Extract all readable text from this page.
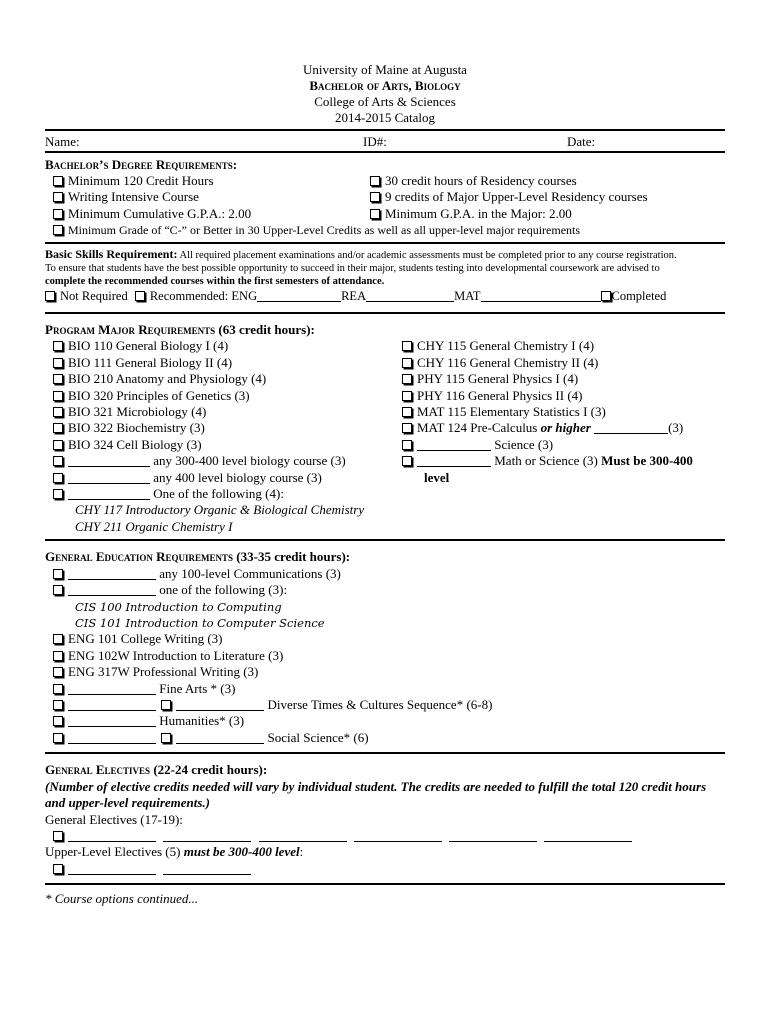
University of Maine at Augusta
Bachelor of Arts, Biology
College of Arts & Sciences
2014-2015 Catalog
Name:	ID#:	Date:
Bachelor’s Degree Requirements:
Minimum 120 Credit Hours
Writing Intensive Course
Minimum Cumulative G.P.A.: 2.00
30 credit hours of Residency courses
9 credits of Major Upper-Level Residency courses
Minimum G.P.A. in the Major: 2.00
Minimum Grade of “C-” or Better in 30 Upper-Level Credits as well as all upper-level major requirements
Basic Skills Requirement: All required placement examinations and/or academic assessments must be completed prior to any course registration.
To ensure that students have the best possible opportunity to succeed in their major, students testing into developmental coursework are advised to
complete the recommended courses within the first semesters of attendance.
Not Required Recommended: ENG	REA	MAT	Completed
Program Major Requirements (63 credit hours):
BIO 110 General Biology I (4)
BIO 111 General Biology II (4)
BIO 210 Anatomy and Physiology (4)
BIO 320 Principles of Genetics (3)
BIO 321 Microbiology (4)
BIO 322 Biochemistry (3)
BIO 324 Cell Biology (3)
any 300-400 level biology course (3)
any 400 level biology course (3)
One of the following (4):
CHY 117 Introductory Organic & Biological Chemistry
CHY 211 Organic Chemistry I
CHY 115 General Chemistry I (4)
CHY 116 General Chemistry II (4)
PHY 115 General Physics I (4)
PHY 116 General Physics II (4)
MAT 115 Elementary Statistics I (3)
MAT 124 Pre-Calculus or higher	(3)
Science (3)
Math or Science (3) Must be 300-400
level
General Education Requirements (33-35 credit hours):
any 100-level Communications (3)
one of the following (3):
CIS 100 Introduction to Computing
CIS 101 Introduction to Computer Science
ENG 101 College Writing (3)
ENG 102W Introduction to Literature (3)
ENG 317W Professional Writing (3)
Fine Arts * (3)
Diverse Times & Cultures Sequence* (6-8)
Humanities* (3)
Social Science* (6)
General Electives (22-24 credit hours):
(Number of elective credits needed will vary by individual student. The credits are needed to fulfill the total 120 credit hours and upper-level requirements.)
General Electives (17-19):

Upper-Level Electives (5) must be 300-400 level:

* Course options continued...
